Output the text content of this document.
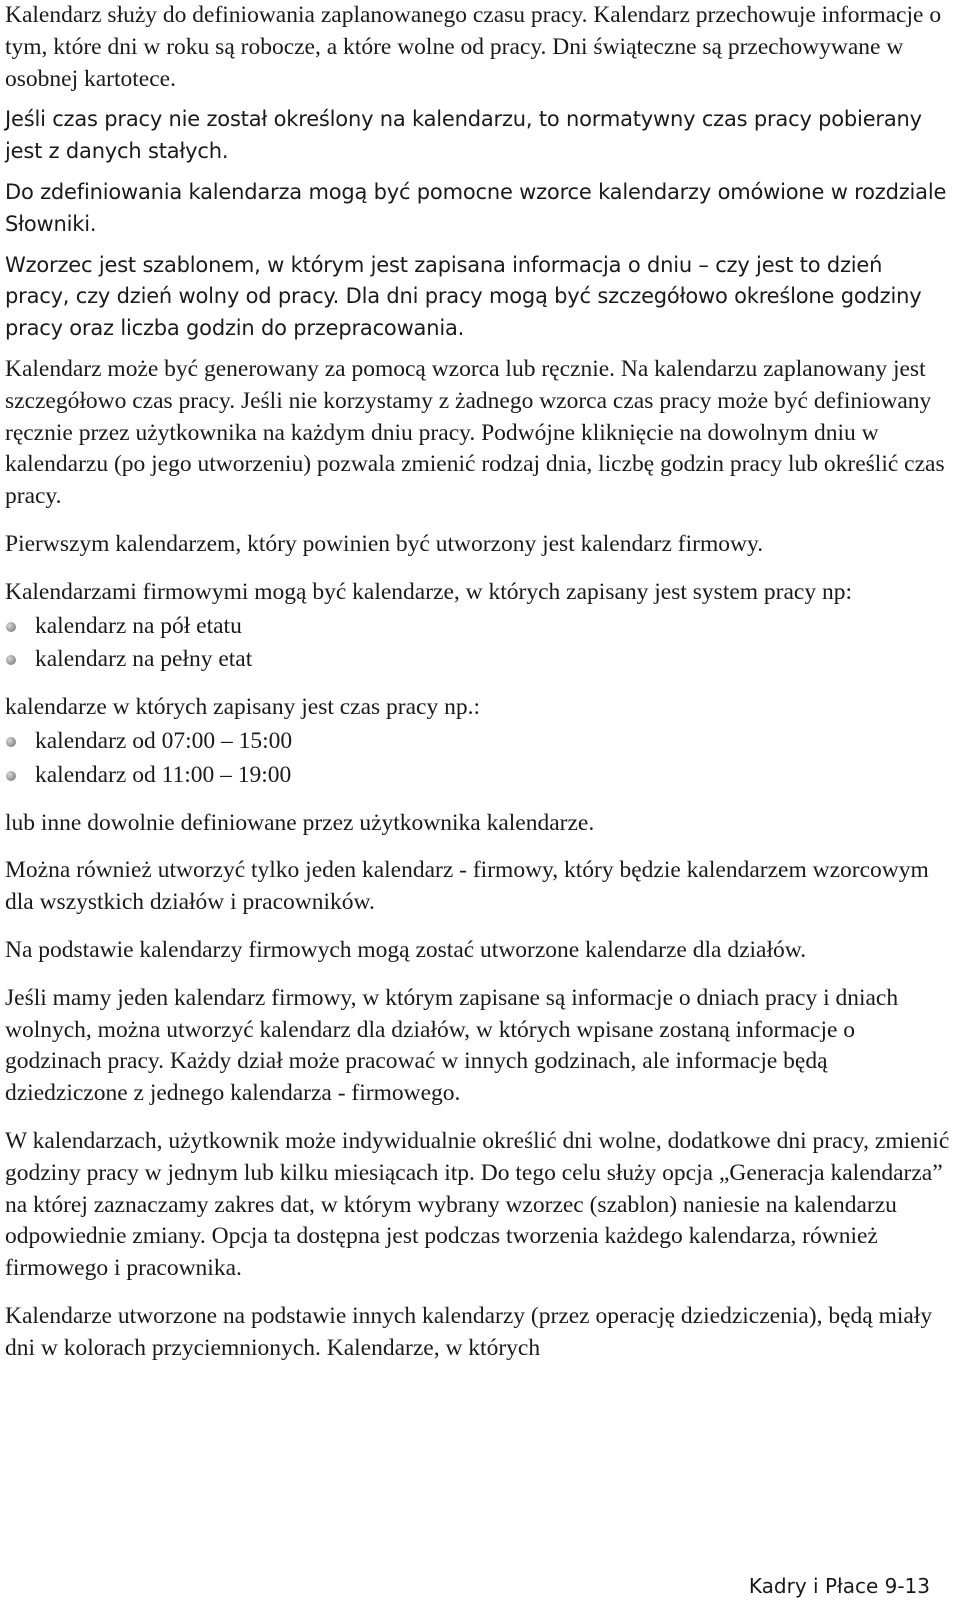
Kalendarz służy do definiowania zaplanowanego czasu pracy. Kalendarz przechowuje informacje o tym, które dni w roku są robocze, a które wolne od pracy. Dni świąteczne są przechowywane w osobnej kartotece.

Jeśli czas pracy nie został określony na kalendarzu, to normatywny czas pracy pobierany jest z danych stałych.

Do zdefiniowania kalendarza mogą być pomocne wzorce kalendarzy omówione w rozdziale Słowniki.

Wzorzec jest szablonem, w którym jest zapisana informacja o dniu – czy jest to dzień pracy, czy dzień wolny od pracy. Dla dni pracy mogą być szczegółowo określone godziny pracy oraz liczba godzin do przepracowania.

Kalendarz może być generowany za pomocą wzorca lub ręcznie. Na kalendarzu zaplanowany jest szczegółowo czas pracy. Jeśli nie korzystamy z żadnego wzorca czas pracy może być definiowany ręcznie przez użytkownika na każdym dniu pracy. Podwójne kliknięcie na dowolnym dniu w kalendarzu (po jego utworzeniu) pozwala zmienić rodzaj dnia, liczbę godzin pracy lub określić czas pracy.

Pierwszym kalendarzem, który powinien być utworzony jest kalendarz firmowy.

Kalendarzami firmowymi mogą być kalendarze, w których zapisany jest system pracy np:

kalendarz na pół etatu
kalendarz na pełny etat

kalendarze w których zapisany jest czas pracy np.:

kalendarz od 07:00 – 15:00
kalendarz od 11:00 – 19:00

lub inne dowolnie definiowane przez użytkownika kalendarze.

Można również utworzyć tylko jeden kalendarz - firmowy, który będzie kalendarzem wzorcowym dla wszystkich działów i pracowników.

Na podstawie kalendarzy firmowych mogą zostać utworzone kalendarze dla działów.

Jeśli mamy jeden kalendarz firmowy, w którym zapisane są informacje o dniach pracy i dniach wolnych, można utworzyć kalendarz dla działów, w których wpisane zostaną informacje o godzinach pracy. Każdy dział może pracować w innych godzinach, ale informacje będą dziedziczone z jednego kalendarza - firmowego.

W kalendarzach, użytkownik może indywidualnie określić dni wolne, dodatkowe dni pracy, zmienić godziny pracy w jednym lub kilku miesiącach itp. Do tego celu służy opcja „Generacja kalendarza” na której zaznaczamy zakres dat, w którym wybrany wzorzec (szablon) naniesie na kalendarzu odpowiednie zmiany. Opcja ta dostępna jest podczas tworzenia każdego kalendarza, również firmowego i pracownika.

Kalendarze utworzone na podstawie innych kalendarzy (przez operację dziedziczenia), będą miały dni w kolorach przyciemnionych. Kalendarze, w których

Kadry i Płace 9-13
